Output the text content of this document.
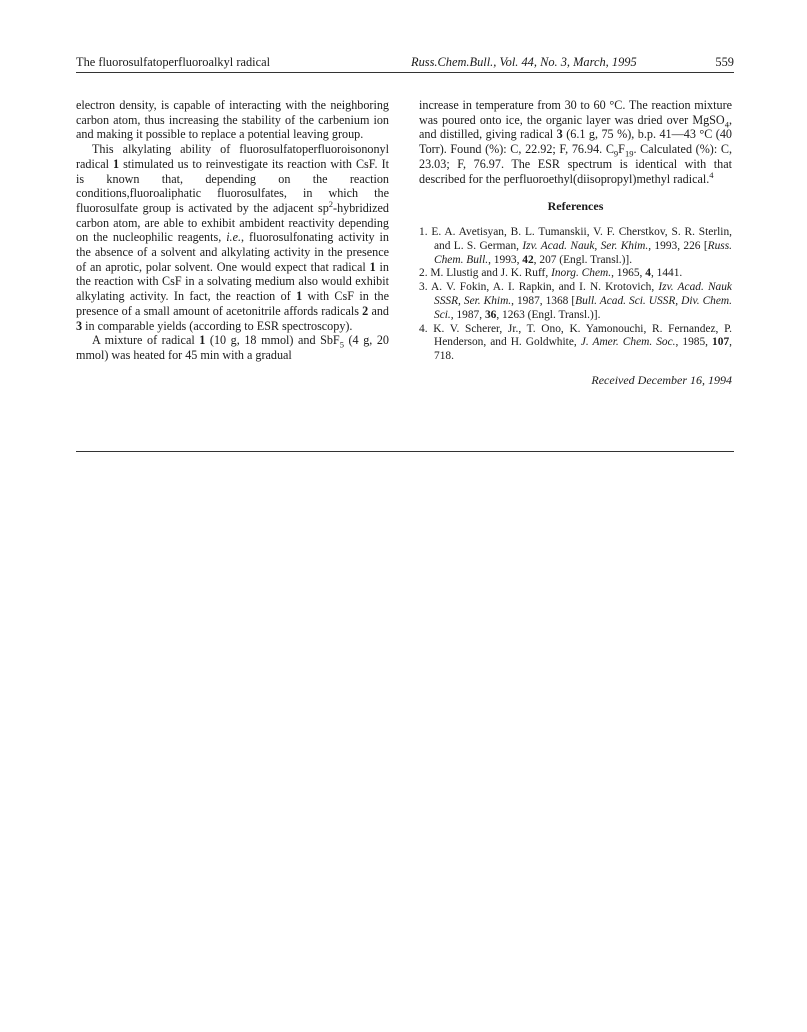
The fluorosulfatoperfluoroalkyl radical	Russ.Chem.Bull., Vol. 44, No. 3, March, 1995	559

electron density, is capable of interacting with the neighboring carbon atom, thus increasing the stability of the carbenium ion and making it possible to replace a potential leaving group.

This alkylating ability of fluorosulfatoperfluoroisononyl radical 1 stimulated us to reinvestigate its reaction with CsF. It is known that, depending on the reaction conditions,fluoroaliphatic fluorosulfates, in which the fluorosulfate group is activated by the adjacent $sp^2$-hybridized carbon atom, are able to exhibit ambident reactivity depending on the nucleophilic reagents, i.e., fluorosulfonating activity in the absence of a solvent and alkylating activity in the presence of an aprotic, polar solvent. One would expect that radical 1 in the reaction with CsF in a solvating medium also would exhibit alkylating activity. In fact, the reaction of 1 with CsF in the presence of a small amount of acetonitrile affords radicals 2 and 3 in comparable yields (according to ESR spectroscopy).

A mixture of radical 1 (10 g, 18 mmol) and SbF$_5$ (4 g, 20 mmol) was heated for 45 min with a gradual

increase in temperature from 30 to 60 °C. The reaction mixture was poured onto ice, the organic layer was dried over MgSO$_4$, and distilled, giving radical 3 (6.1 g, 75 %), b.p. 41—43 °C (40 Torr). Found (%): C, 22.92; F, 76.94. $C_9F_{19}$. Calculated (%): C, 23.03; F, 76.97. The ESR spectrum is identical with that described for the perfluoroethyl(diisopropyl)methyl radical.$^4$

References
1. E. A. Avetisyan, B. L. Tumanskii, V. F. Cherstkov, S. R. Sterlin, and L. S. German, Izv. Acad. Nauk, Ser. Khim., 1993, 226 [Russ. Chem. Bull., 1993, 42, 207 (Engl. Transl.)].
2. M. Llustig and J. K. Ruff, Inorg. Chem., 1965, 4, 1441.
3. A. V. Fokin, A. I. Rapkin, and I. N. Krotovich, Izv. Acad. Nauk SSSR, Ser. Khim., 1987, 1368 [Bull. Acad. Sci. USSR, Div. Chem. Sci., 1987, 36, 1263 (Engl. Transl.)].
4. K. V. Scherer, Jr., T. Ono, K. Yamonouchi, R. Fernandez, P. Henderson, and H. Goldwhite, J. Amer. Chem. Soc., 1985, 107, 718.
Received December 16, 1994
